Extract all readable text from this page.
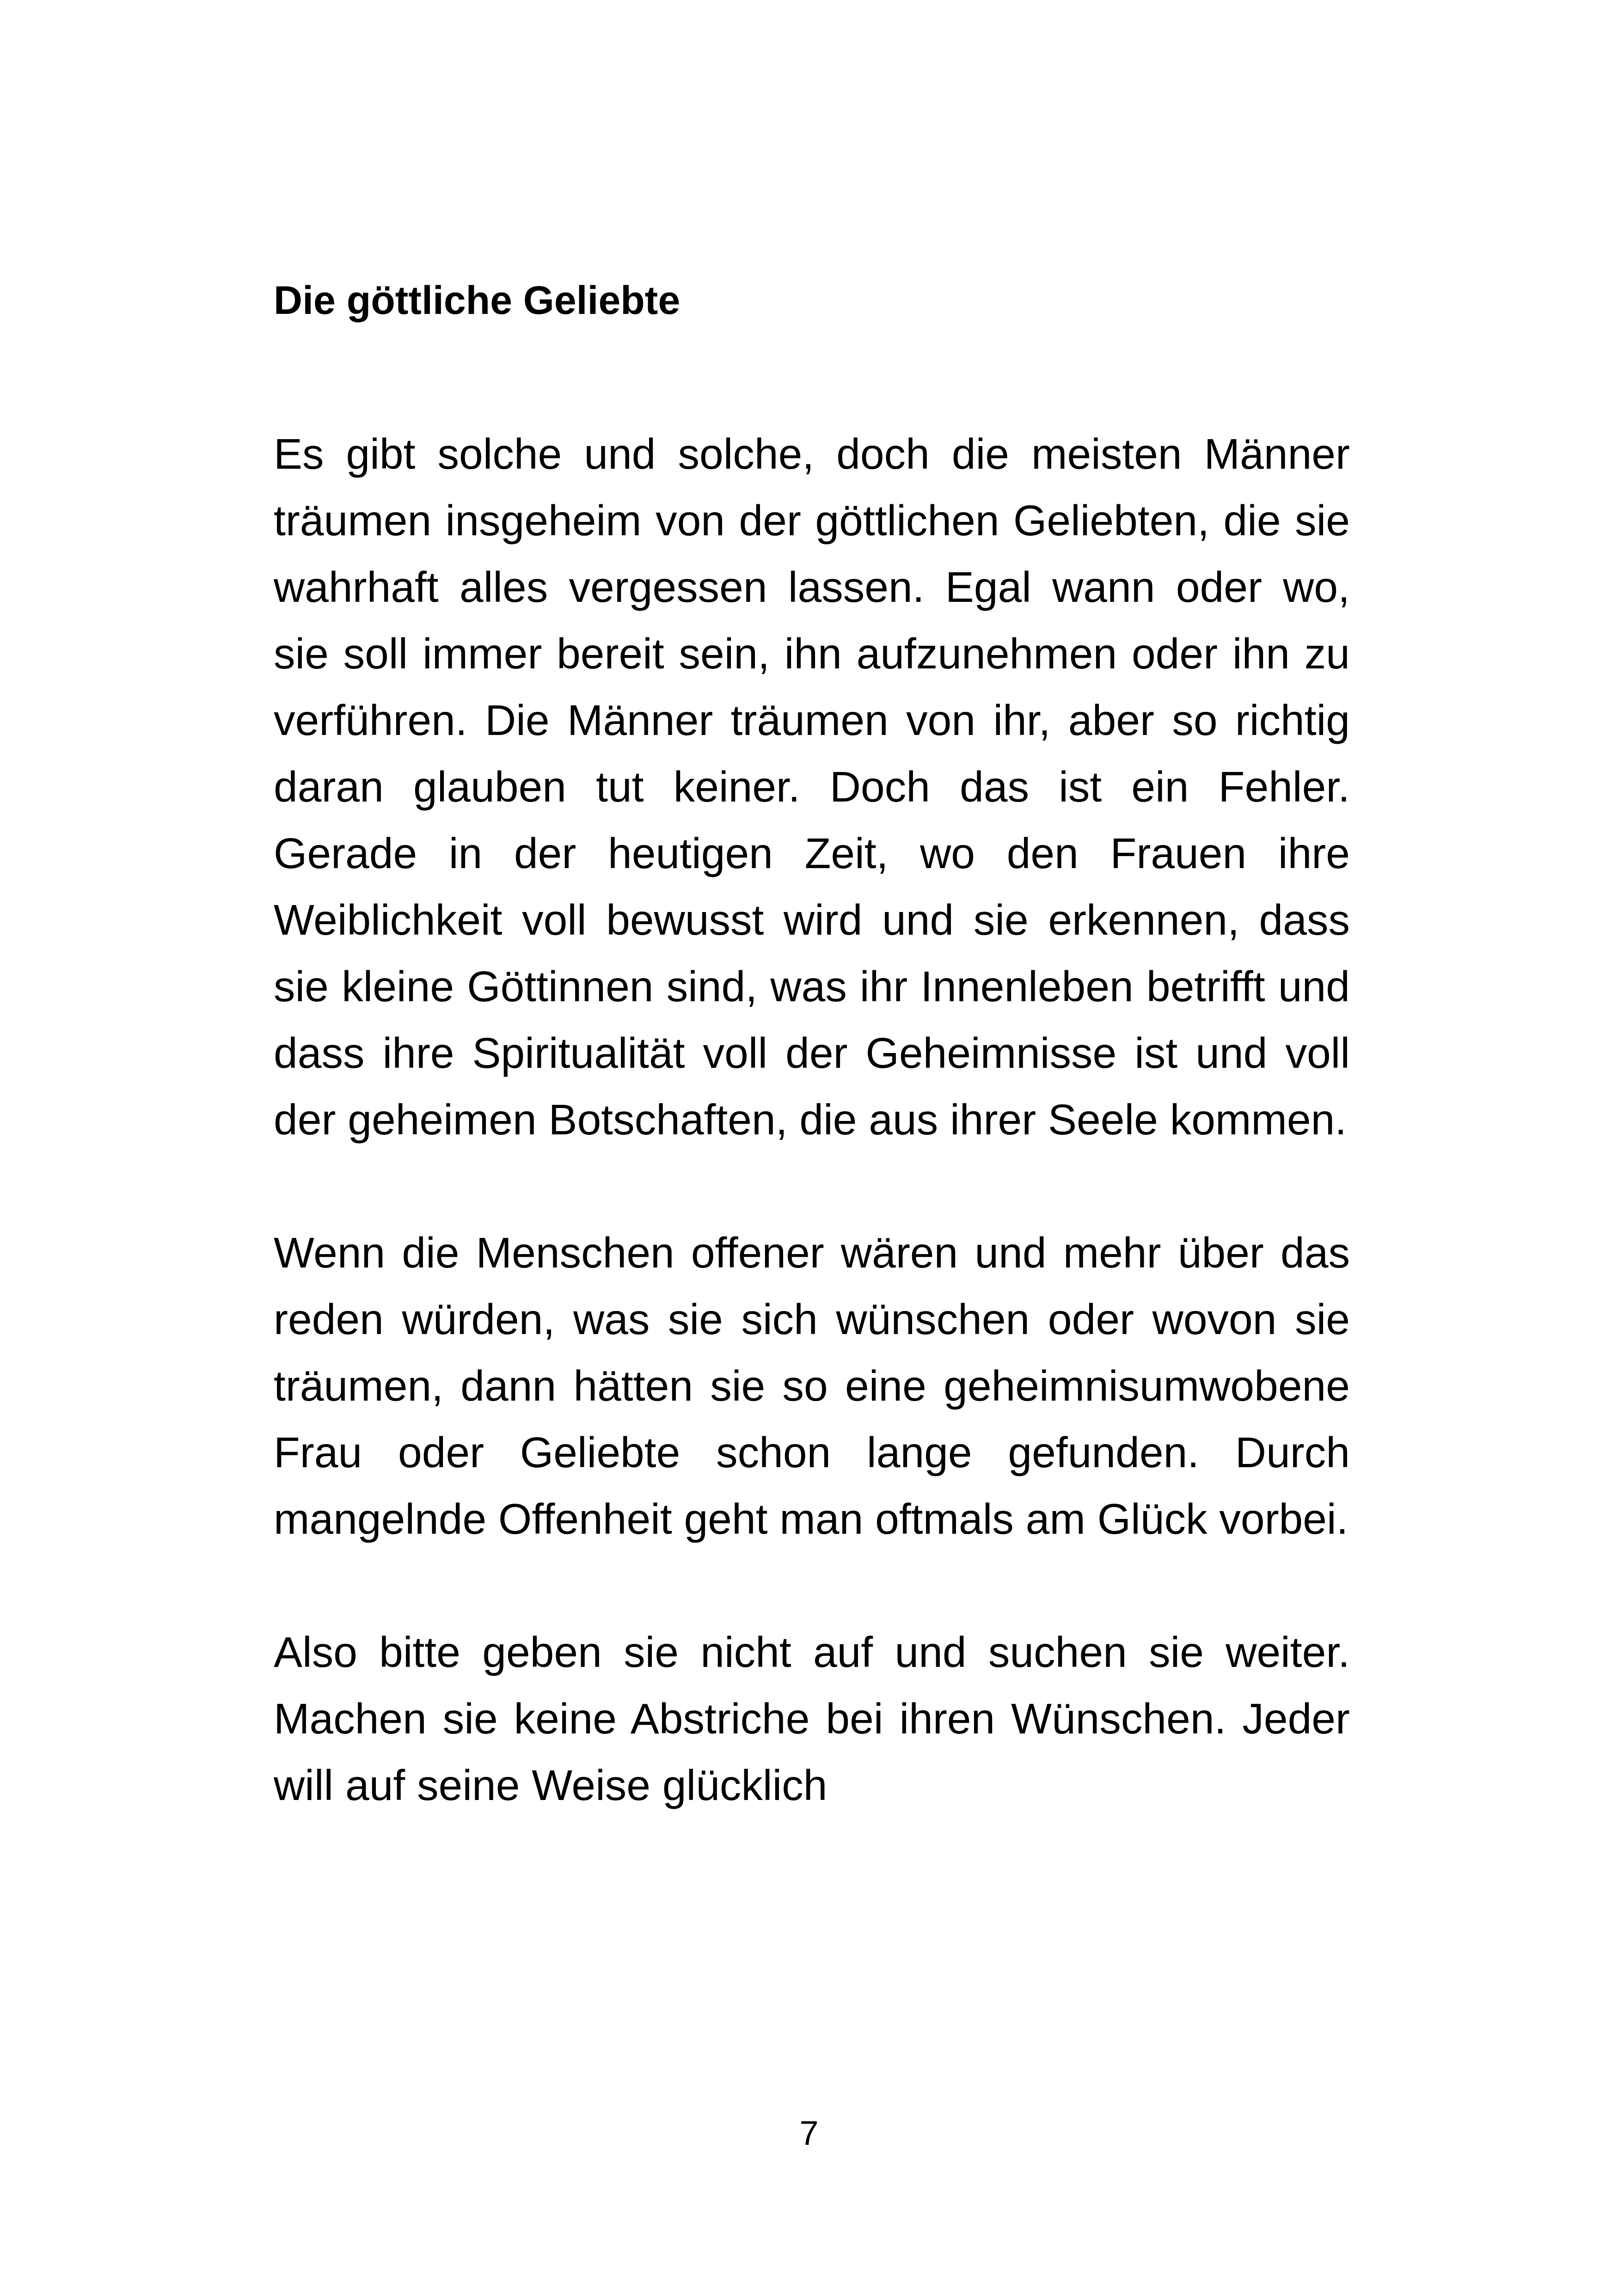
Die göttliche Geliebte

Es gibt solche und solche, doch die meisten Männer träumen insgeheim von der göttlichen Geliebten, die sie wahrhaft alles vergessen lassen. Egal wann oder wo, sie soll immer bereit sein, ihn aufzunehmen oder ihn zu verführen. Die Männer träumen von ihr, aber so richtig daran glauben tut keiner. Doch das ist ein Fehler. Gerade in der heutigen Zeit, wo den Frauen ihre Weiblichkeit voll bewusst wird und sie erkennen, dass sie kleine Göttinnen sind, was ihr Innenleben betrifft und dass ihre Spiritualität voll der Geheimnisse ist und voll der geheimen Botschaften, die aus ihrer Seele kommen.

Wenn die Menschen offener wären und mehr über das reden würden, was sie sich wünschen oder wovon sie träumen, dann hätten sie so eine geheimnisumwobene Frau oder Geliebte schon lange gefunden. Durch mangelnde Offenheit geht man oftmals am Glück vorbei.

Also bitte geben sie nicht auf und suchen sie weiter. Machen sie keine Abstriche bei ihren Wünschen. Jeder will auf seine Weise glücklich

7
